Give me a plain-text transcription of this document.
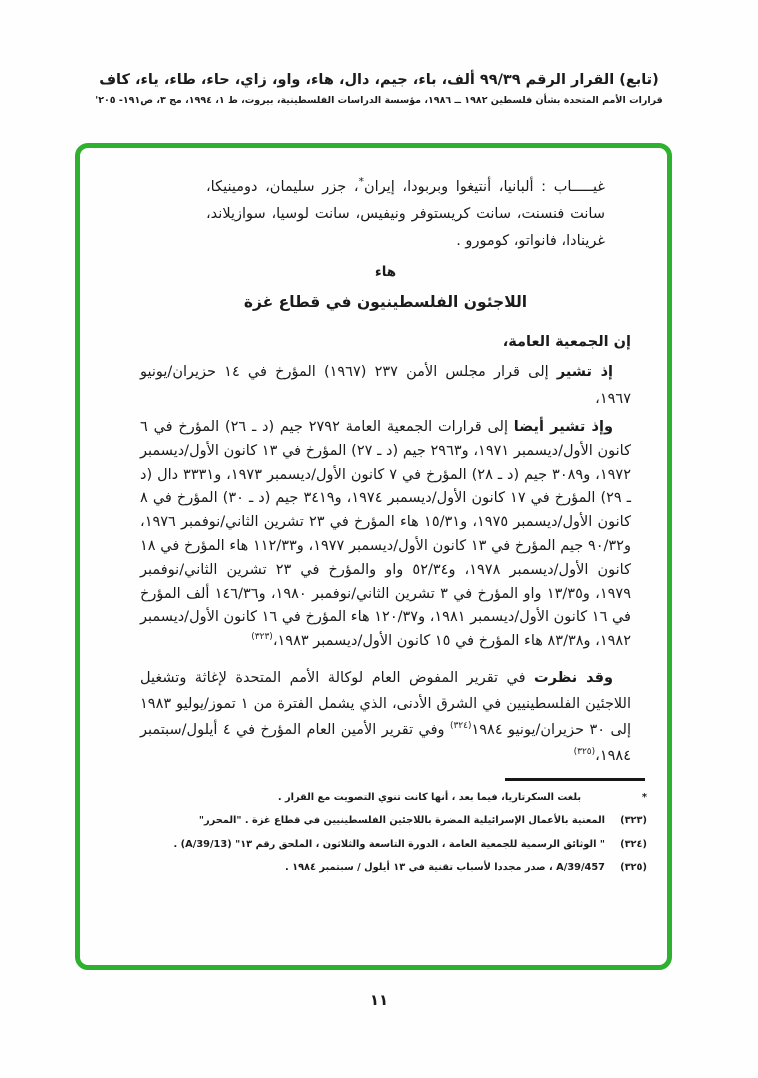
(تابع) القرار الرقم ٩٩/٣٩ ألف، باء، جيم، دال، هاء، واو، زاي، حاء، طاء، ياء، كاف
قرارات الأمم المتحدة بشأن فلسطين ١٩٨٢ ــ ١٩٨٦، مؤسسة الدراسات الفلسطينية، بيروت، ط ١، ١٩٩٤، مج ٣، ص١٩١- ٢٠٥'

غيـــــاب : ألبانيا، أنتيغوا وبربودا، إيران*، جزر سليمان، دومينيكا، سانت فنسنت، سانت كريستوفر ونيفيس، سانت لوسيا، سوازيلاند، غرينادا، فانواتو، كومورو .

هاء
اللاجئون الفلسطينيون في قطاع غزة

إن الجمعية العامة،

إذ تشير إلى قرار مجلس الأمن ٢٣٧ (١٩٦٧) المؤرخ في ١٤ حزيران/يونيو ١٩٦٧،

وإذ تشير أيضا إلى قرارات الجمعية العامة ٢٧٩٢ جيم (د ـ ٢٦) المؤرخ في ٦ كانون الأول/ديسمبر ١٩٧١، و٢٩٦٣ جيم (د ـ ٢٧) المؤرخ في ١٣ كانون الأول/ديسمبر ١٩٧٢، و٣٠٨٩ جيم (د ـ ٢٨) المؤرخ في ٧ كانون الأول/ديسمبر ١٩٧٣، و٣٣٣١ دال (د ـ ٢٩) المؤرخ في ١٧ كانون الأول/ديسمبر ١٩٧٤، و٣٤١٩ جيم (د ـ ٣٠) المؤرخ في ٨ كانون الأول/ديسمبر ١٩٧٥، و١٥/٣١ هاء المؤرخ في ٢٣ تشرين الثاني/نوفمبر ١٩٧٦، و٩٠/٣٢ جيم المؤرخ في ١٣ كانون الأول/ديسمبر ١٩٧٧، و١١٢/٣٣ هاء المؤرخ في ١٨ كانون الأول/ديسمبر ١٩٧٨، و٥٢/٣٤ واو والمؤرخ في ٢٣ تشرين الثاني/نوفمبر ١٩٧٩، و١٣/٣٥ واو المؤرخ في ٣ تشرين الثاني/نوفمبر ١٩٨٠، و١٤٦/٣٦ ألف المؤرخ في ١٦ كانون الأول/ديسمبر ١٩٨١، و١٢٠/٣٧ هاء المؤرخ في ١٦ كانون الأول/ديسمبر ١٩٨٢، و٨٣/٣٨ هاء المؤرخ في ١٥ كانون الأول/ديسمبر ١٩٨٣،$^{(٣٢٣)}$

وقد نظرت في تقرير المفوض العام لوكالة الأمم المتحدة لإغاثة وتشغيل اللاجئين الفلسطينيين في الشرق الأدنى، الذي يشمل الفترة من ١ تموز/يوليو ١٩٨٣ إلى ٣٠ حزيران/يونيو ١٩٨٤$^{(٣٢٤)}$ وفي تقرير الأمين العام المؤرخ في ٤ أيلول/سبتمبر ١٩٨٤،$^{(٣٢٥)}$

*
بلغت السكرتاريا، فيما بعد ، أنها كانت تنوي التصويت مع القرار .
(٣٢٣)
المعنية بالأعمال الإسرائيلية المضرة باللاجئين الفلسطينيين في قطاع غزة . "المحرر"
(٣٢٤)
" الوثائق الرسمية للجمعية العامة ، الدورة التاسعة والثلاثون ، الملحق رقم ١٣" (A/39/13) .
(٣٢٥)
A/39/457 ، صدر مجددا لأسباب تقنية في ١٣ أيلول / سبتمبر ١٩٨٤ .
١١
